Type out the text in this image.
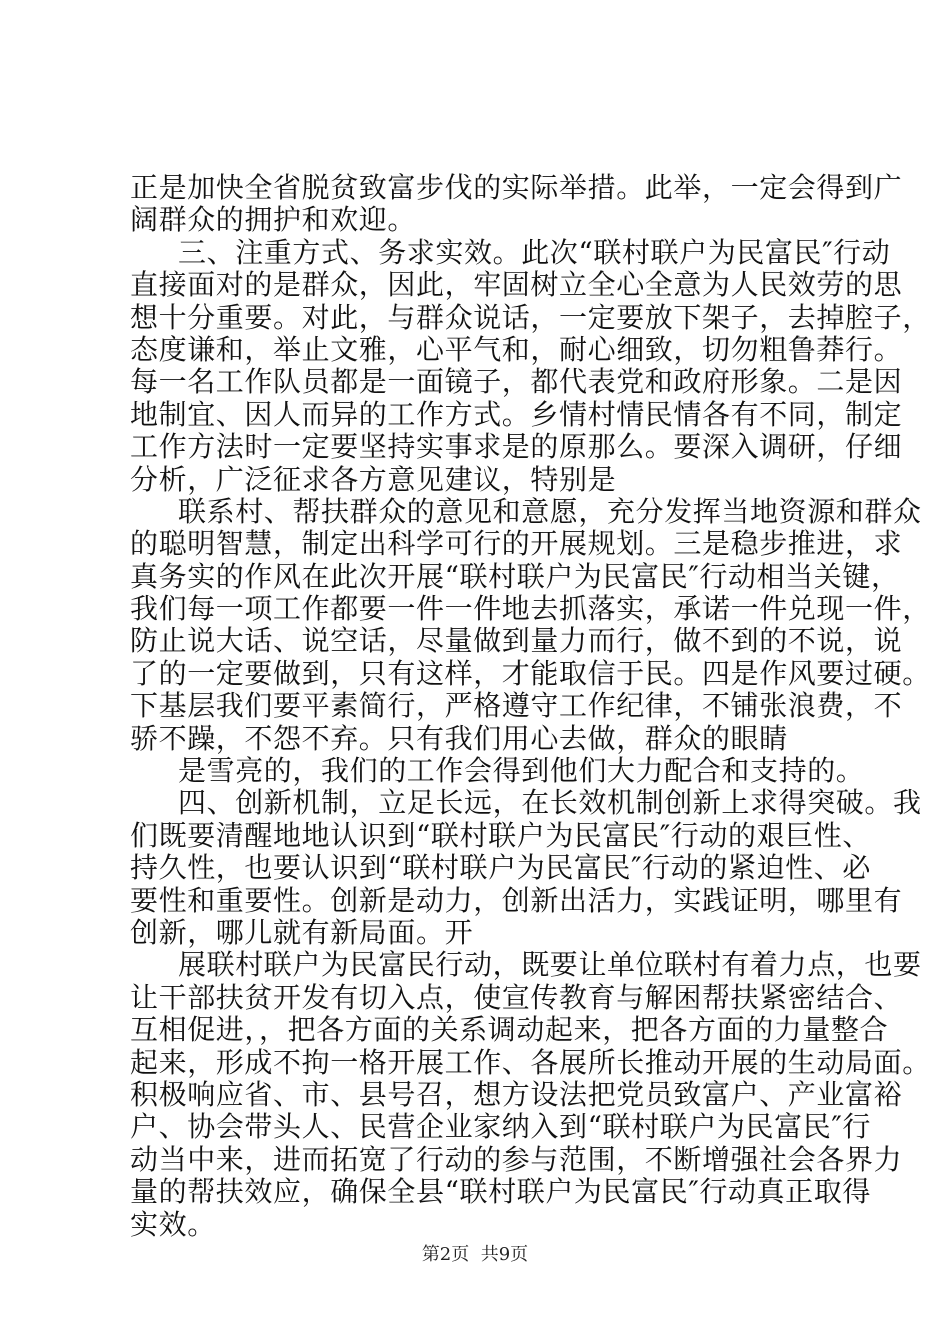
正是加快全省脱贫致富步伐的实际举措。此举，一定会得到广
阔群众的拥护和欢迎。
三、注重方式、务求实效。此次“联村联户为民富民″行动
直接面对的是群众，因此，牢固树立全心全意为人民效劳的思
想十分重要。对此，与群众说话，一定要放下架子，去掉腔子，
态度谦和，举止文雅，心平气和，耐心细致，切勿粗鲁莽行。
每一名工作队员都是一面镜子，都代表党和政府形象。二是因
地制宜、因人而异的工作方式。乡情村情民情各有不同，制定
工作方法时一定要坚持实事求是的原那么。要深入调研，仔细
分析，广泛征求各方意见建议，特别是
联系村、帮扶群众的意见和意愿，充分发挥当地资源和群众
的聪明智慧，制定出科学可行的开展规划。三是稳步推进，求
真务实的作风在此次开展“联村联户为民富民″行动相当关键，
我们每一项工作都要一件一件地去抓落实，承诺一件兑现一件，
防止说大话、说空话，尽量做到量力而行，做不到的不说，说
了的一定要做到，只有这样，才能取信于民。四是作风要过硬。
下基层我们要平素简行，严格遵守工作纪律，不铺张浪费，不
骄不躁，不怨不弃。只有我们用心去做，群众的眼睛
是雪亮的，我们的工作会得到他们大力配合和支持的。
四、创新机制，立足长远，在长效机制创新上求得突破。我
们既要清醒地地认识到“联村联户为民富民″行动的艰巨性、
持久性，也要认识到“联村联户为民富民″行动的紧迫性、必
要性和重要性。创新是动力，创新出活力，实践证明，哪里有
创新，哪儿就有新局面。开
展联村联户为民富民行动，既要让单位联村有着力点，也要
让干部扶贫开发有切入点，使宣传教育与解困帮扶紧密结合、
互相促进，，把各方面的关系调动起来，把各方面的力量整合
起来，形成不拘一格开展工作、各展所长推动开展的生动局面。
积极响应省、市、县号召，想方设法把党员致富户、产业富裕
户、协会带头人、民营企业家纳入到“联村联户为民富民″行
动当中来，进而拓宽了行动的参与范围，不断增强社会各界力
量的帮扶效应，确保全县“联村联户为民富民″行动真正取得
实效。
第2页  共9页
